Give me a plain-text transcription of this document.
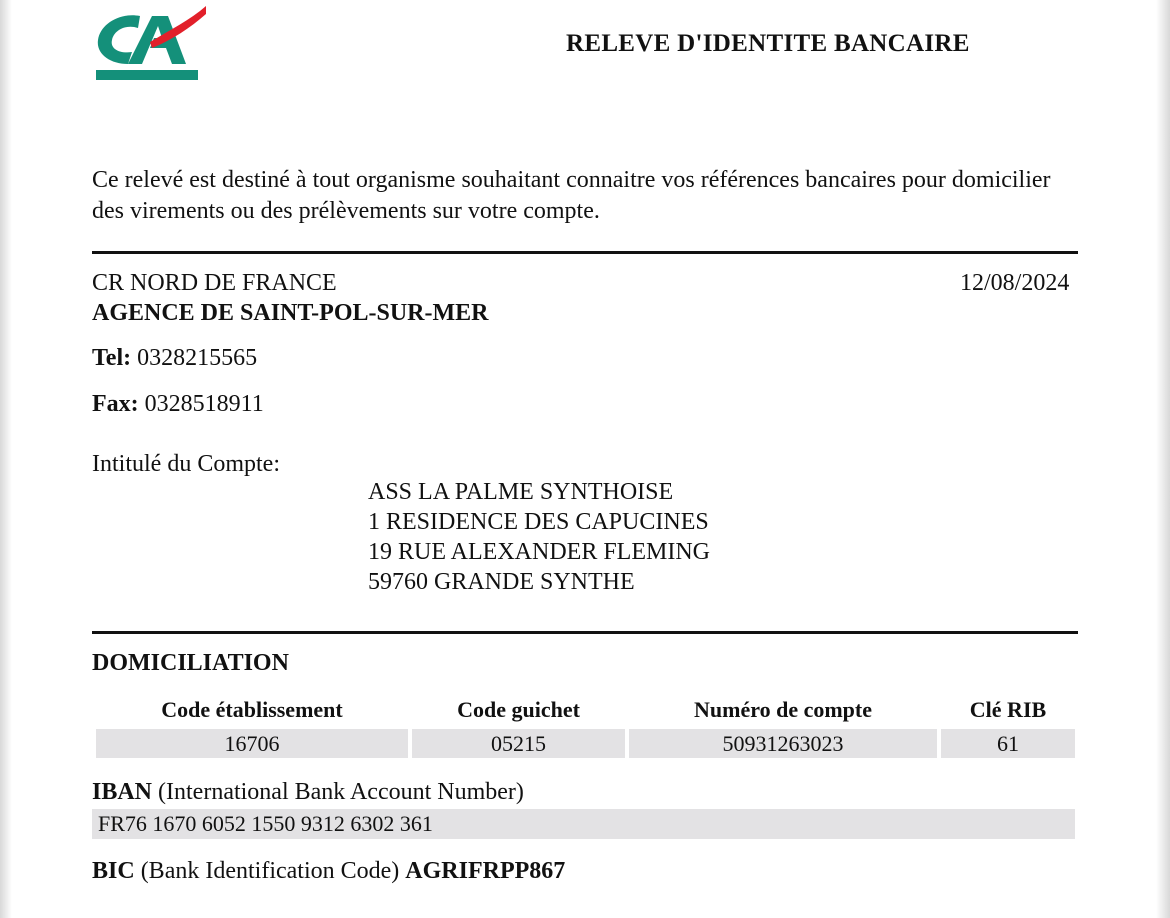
RELEVE D'IDENTITE BANCAIRE
Ce relevé est destiné à tout organisme souhaitant connaitre vos références bancaires pour domicilier des virements ou des prélèvements sur votre compte.
CR NORD DE FRANCE	12/08/2024
AGENCE DE SAINT-POL-SUR-MER
Tel: 0328215565
Fax: 0328518911
Intitulé du Compte:
ASS LA PALME SYNTHOISE
1 RESIDENCE DES CAPUCINES
19 RUE ALEXANDER FLEMING
59760 GRANDE SYNTHE
DOMICILIATION
Code établissement	Code guichet	Numéro de compte	Clé RIB
16706	05215	50931263023	61
IBAN (International Bank Account Number)
FR76 1670 6052 1550 9312 6302 361
BIC (Bank Identification Code) AGRIFRPP867
